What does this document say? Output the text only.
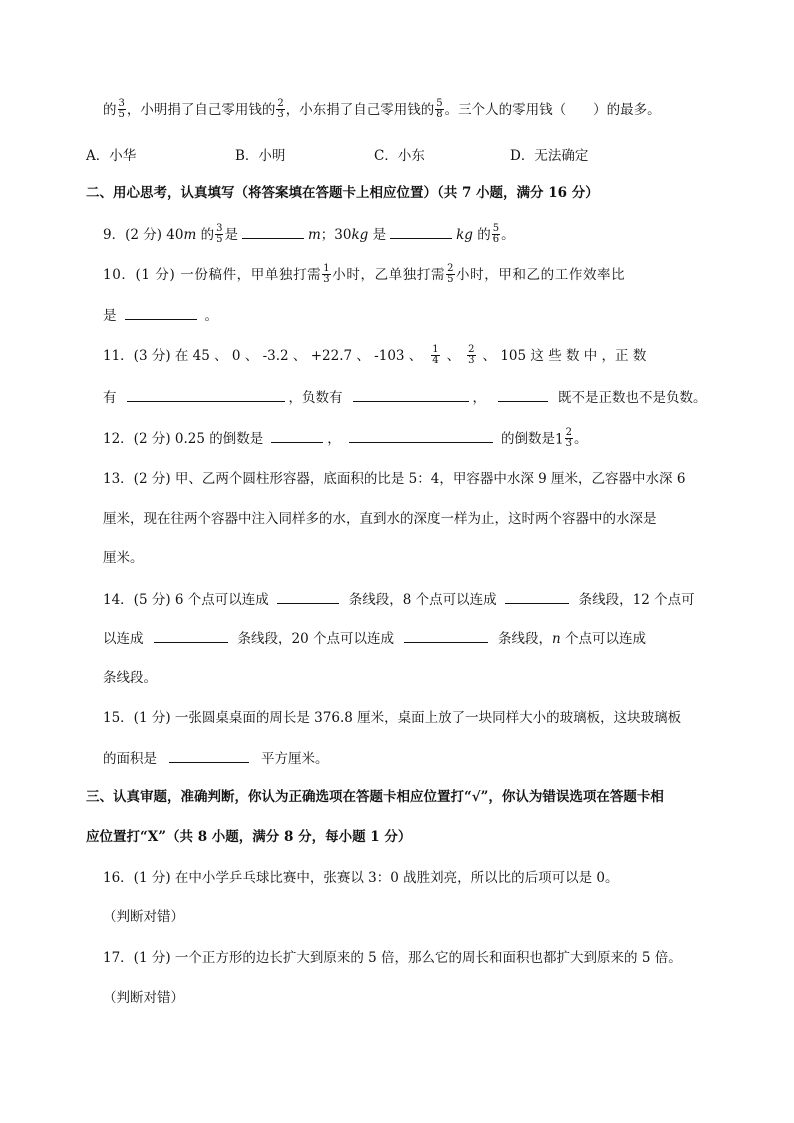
的 $\frac{3}{5}$ ，小明捐了自己零用钱的 $\frac{2}{3}$ ，小东捐了自己零用钱的 $\frac{5}{8}$ 。三个人的零用钱（　　）的最多。
A．小华	B．小明	C．小东	D．无法确定
二、用心思考，认真填写（将答案填在答题卡上相应位置）（共 7 小题，满分 16 分）
9．(2 分) 40m 的 $\frac{3}{5}$ 是	m；30kg 是	kg 的 $\frac{5}{6}$ 。
10．(1 分) 一份稿件，甲单独打需 $\frac{1}{3}$ 小时，乙单独打需 $\frac{2}{5}$ 小时，甲和乙的工作效率比
是	。
11．(3 分) 在 45 、 0 、 -3.2 、 +22.7 、 -103 、 $\frac{1}{4}$ 、 $\frac{2}{3}$ 、 105 这 些 数 中 ，正 数
有	，负数有	，	既不是正数也不是负数。
12．(2 分) 0.25 的倒数是	，	的倒数是$1 \frac{2}{3}$ 。
13．(2 分) 甲、乙两个圆柱形容器，底面积的比是 5：4，甲容器中水深 9 厘米，乙容器中水深 6
厘米，现在往两个容器中注入同样多的水，直到水的深度一样为止，这时两个容器中的水深是
厘米。
14．(5 分) 6 个点可以连成	条线段，8 个点可以连成	条线段，12 个点可
以连成	条线段，20 个点可以连成	条线段，n 个点可以连成
条线段。
15．(1 分) 一张圆桌桌面的周长是 376.8 厘米，桌面上放了一块同样大小的玻璃板，这块玻璃板
的面积是	平方厘米。
三、认真审题，准确判断，你认为正确选项在答题卡相应位置打“√”，你认为错误选项在答题卡相
应位置打“X”（共 8 小题，满分 8 分，每小题 1 分）
16．(1 分) 在中小学乒乓球比赛中，张赛以 3：0 战胜刘亮，所以比的后项可以是 0。
（判断对错）
17．(1 分) 一个正方形的边长扩大到原来的 5 倍，那么它的周长和面积也都扩大到原来的 5 倍。
（判断对错）
